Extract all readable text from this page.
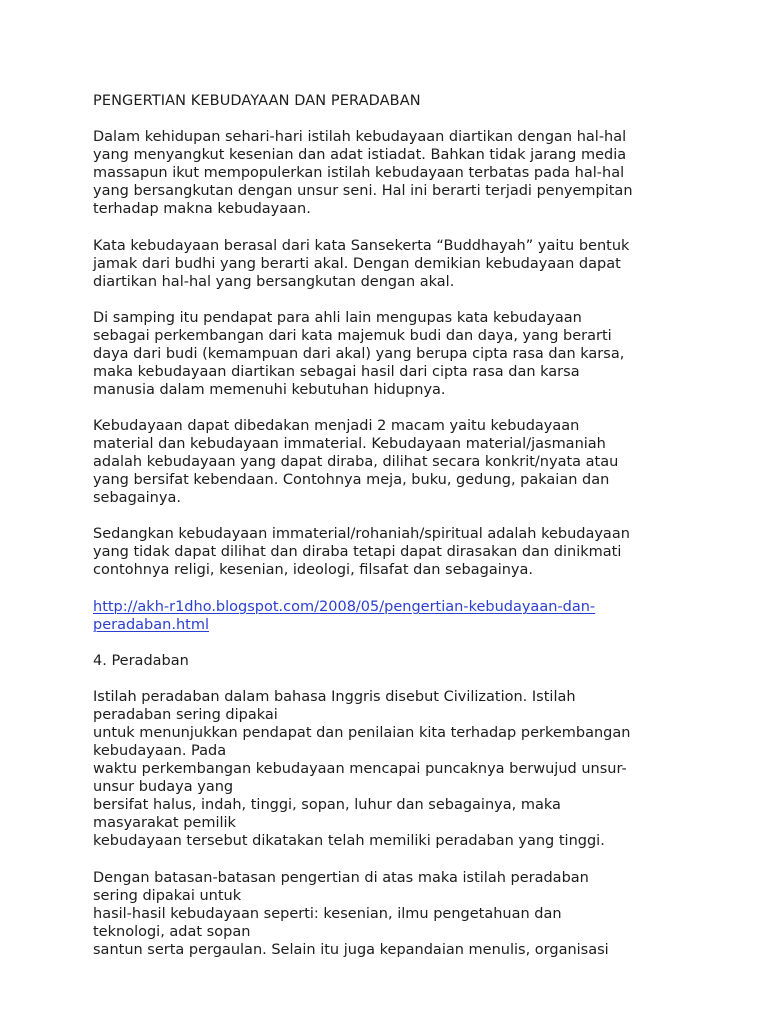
PENGERTIAN KEBUDAYAAN DAN PERADABAN
Dalam kehidupan sehari-hari istilah kebudayaan diartikan dengan hal-hal
yang menyangkut kesenian dan adat istiadat. Bahkan tidak jarang media
massapun ikut mempopulerkan istilah kebudayaan terbatas pada hal-hal
yang bersangkutan dengan unsur seni. Hal ini berarti terjadi penyempitan
terhadap makna kebudayaan.
Kata kebudayaan berasal dari kata Sansekerta “Buddhayah” yaitu bentuk
jamak dari budhi yang berarti akal. Dengan demikian kebudayaan dapat
diartikan hal-hal yang bersangkutan dengan akal.
Di samping itu pendapat para ahli lain mengupas kata kebudayaan
sebagai perkembangan dari kata majemuk budi dan daya, yang berarti
daya dari budi (kemampuan dari akal) yang berupa cipta rasa dan karsa,
maka kebudayaan diartikan sebagai hasil dari cipta rasa dan karsa
manusia dalam memenuhi kebutuhan hidupnya.
Kebudayaan dapat dibedakan menjadi 2 macam yaitu kebudayaan
material dan kebudayaan immaterial. Kebudayaan material/jasmaniah
adalah kebudayaan yang dapat diraba, dilihat secara konkrit/nyata atau
yang bersifat kebendaan. Contohnya meja, buku, gedung, pakaian dan
sebagainya.
Sedangkan kebudayaan immaterial/rohaniah/spiritual adalah kebudayaan
yang tidak dapat dilihat dan diraba tetapi dapat dirasakan dan dinikmati
contohnya religi, kesenian, ideologi, filsafat dan sebagainya.
http://akh-r1dho.blogspot.com/2008/05/pengertian-kebudayaan-dan-
peradaban.html
4. Peradaban
Istilah peradaban dalam bahasa Inggris disebut Civilization. Istilah
peradaban sering dipakai
untuk menunjukkan pendapat dan penilaian kita terhadap perkembangan
kebudayaan. Pada
waktu perkembangan kebudayaan mencapai puncaknya berwujud unsur-
unsur budaya yang
bersifat halus, indah, tinggi, sopan, luhur dan sebagainya, maka
masyarakat pemilik
kebudayaan tersebut dikatakan telah memiliki peradaban yang tinggi.
Dengan batasan-batasan pengertian di atas maka istilah peradaban
sering dipakai untuk
hasil-hasil kebudayaan seperti: kesenian, ilmu pengetahuan dan
teknologi, adat sopan
santun serta pergaulan. Selain itu juga kepandaian menulis, organisasi
